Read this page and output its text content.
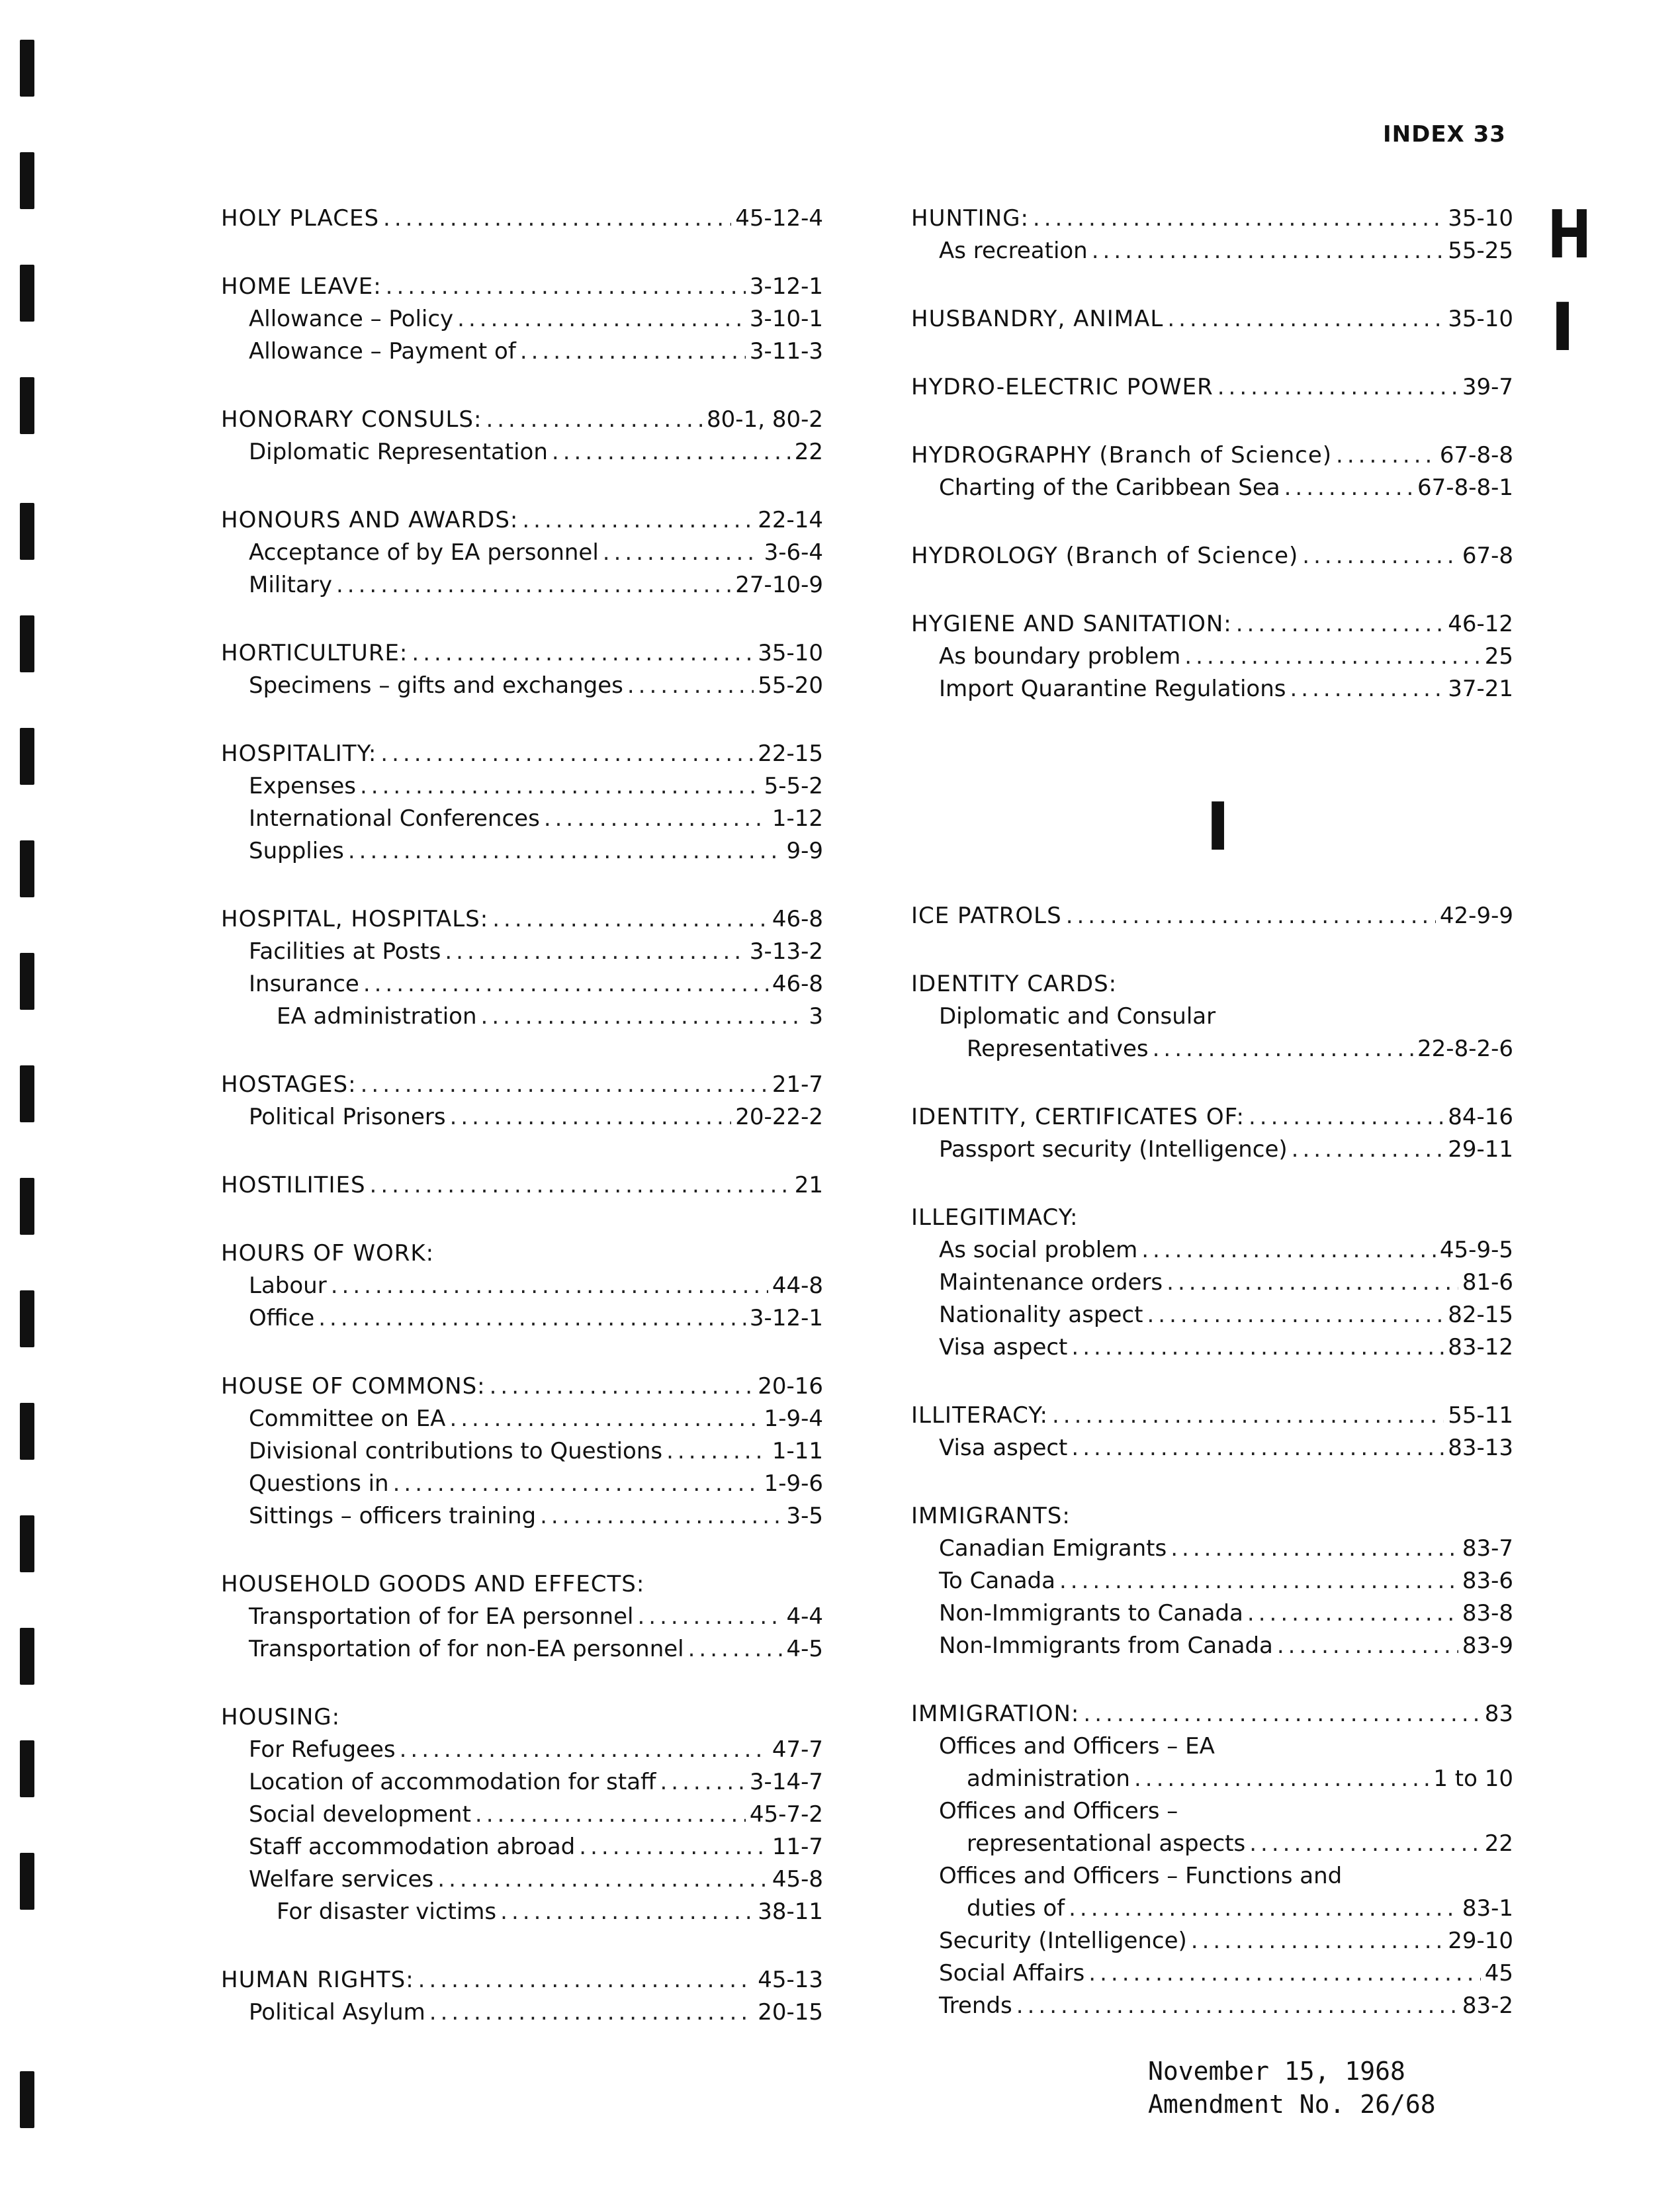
INDEX 33
H
I
I
HOLY PLACES .....	45-12-4
HOME LEAVE: .....	3-12-1
Allowance – Policy .....	3-10-1
Allowance – Payment of .....	3-11-3
HONORARY CONSULS: .....	80-1, 80-2
Diplomatic Representation .....	22
HONOURS AND AWARDS: .....	22-14
Acceptance of by EA personnel .....	3-6-4
Military .....	27-10-9
HORTICULTURE: .....	35-10
Specimens – gifts and exchanges .....	55-20
HOSPITALITY: .....	22-15
Expenses .....	5-5-2
International Conferences .....	1-12
Supplies .....	9-9
HOSPITAL, HOSPITALS: .....	46-8
Facilities at Posts .....	3-13-2
Insurance .....	46-8
EA administration .....	3
HOSTAGES: .....	21-7
Political Prisoners .....	20-22-2
HOSTILITIES .....	21
HOURS OF WORK:
Labour .....	44-8
Office .....	3-12-1
HOUSE OF COMMONS: .....	20-16
Committee on EA .....	1-9-4
Divisional contributions to Questions .....	1-11
Questions in .....	1-9-6
Sittings – officers training .....	3-5
HOUSEHOLD GOODS AND EFFECTS:
Transportation of for EA personnel .....	4-4
Transportation of for non-EA personnel .....	4-5
HOUSING:
For Refugees .....	47-7
Location of accommodation for staff .....	3-14-7
Social development .....	45-7-2
Staff accommodation abroad .....	11-7
Welfare services .....	45-8
For disaster victims .....	38-11
HUMAN RIGHTS: .....	45-13
Political Asylum .....	20-15
HUNTING: .....	35-10
As recreation .....	55-25
HUSBANDRY, ANIMAL .....	35-10
HYDRO-ELECTRIC POWER .....	39-7
HYDROGRAPHY (Branch of Science) .....	67-8-8
Charting of the Caribbean Sea .....	67-8-8-1
HYDROLOGY (Branch of Science) .....	67-8
HYGIENE AND SANITATION: .....	46-12
As boundary problem .....	25
Import Quarantine Regulations .....	37-21
ICE PATROLS .....	42-9-9
IDENTITY CARDS:
Diplomatic and Consular
Representatives .....	22-8-2-6
IDENTITY, CERTIFICATES OF: .....	84-16
Passport security (Intelligence) .....	29-11
ILLEGITIMACY:
As social problem .....	45-9-5
Maintenance orders .....	81-6
Nationality aspect .....	82-15
Visa aspect .....	83-12
ILLITERACY: .....	55-11
Visa aspect .....	83-13
IMMIGRANTS:
Canadian Emigrants .....	83-7
To Canada .....	83-6
Non-Immigrants to Canada .....	83-8
Non-Immigrants from Canada .....	83-9
IMMIGRATION: .....	83
Offices and Officers – EA
administration .....	1 to 10
Offices and Officers –
representational aspects .....	22
Offices and Officers – Functions and
duties of .....	83-1
Security (Intelligence) .....	29-10
Social Affairs .....	45
Trends .....	83-2
November 15, 1968
Amendment No. 26/68
